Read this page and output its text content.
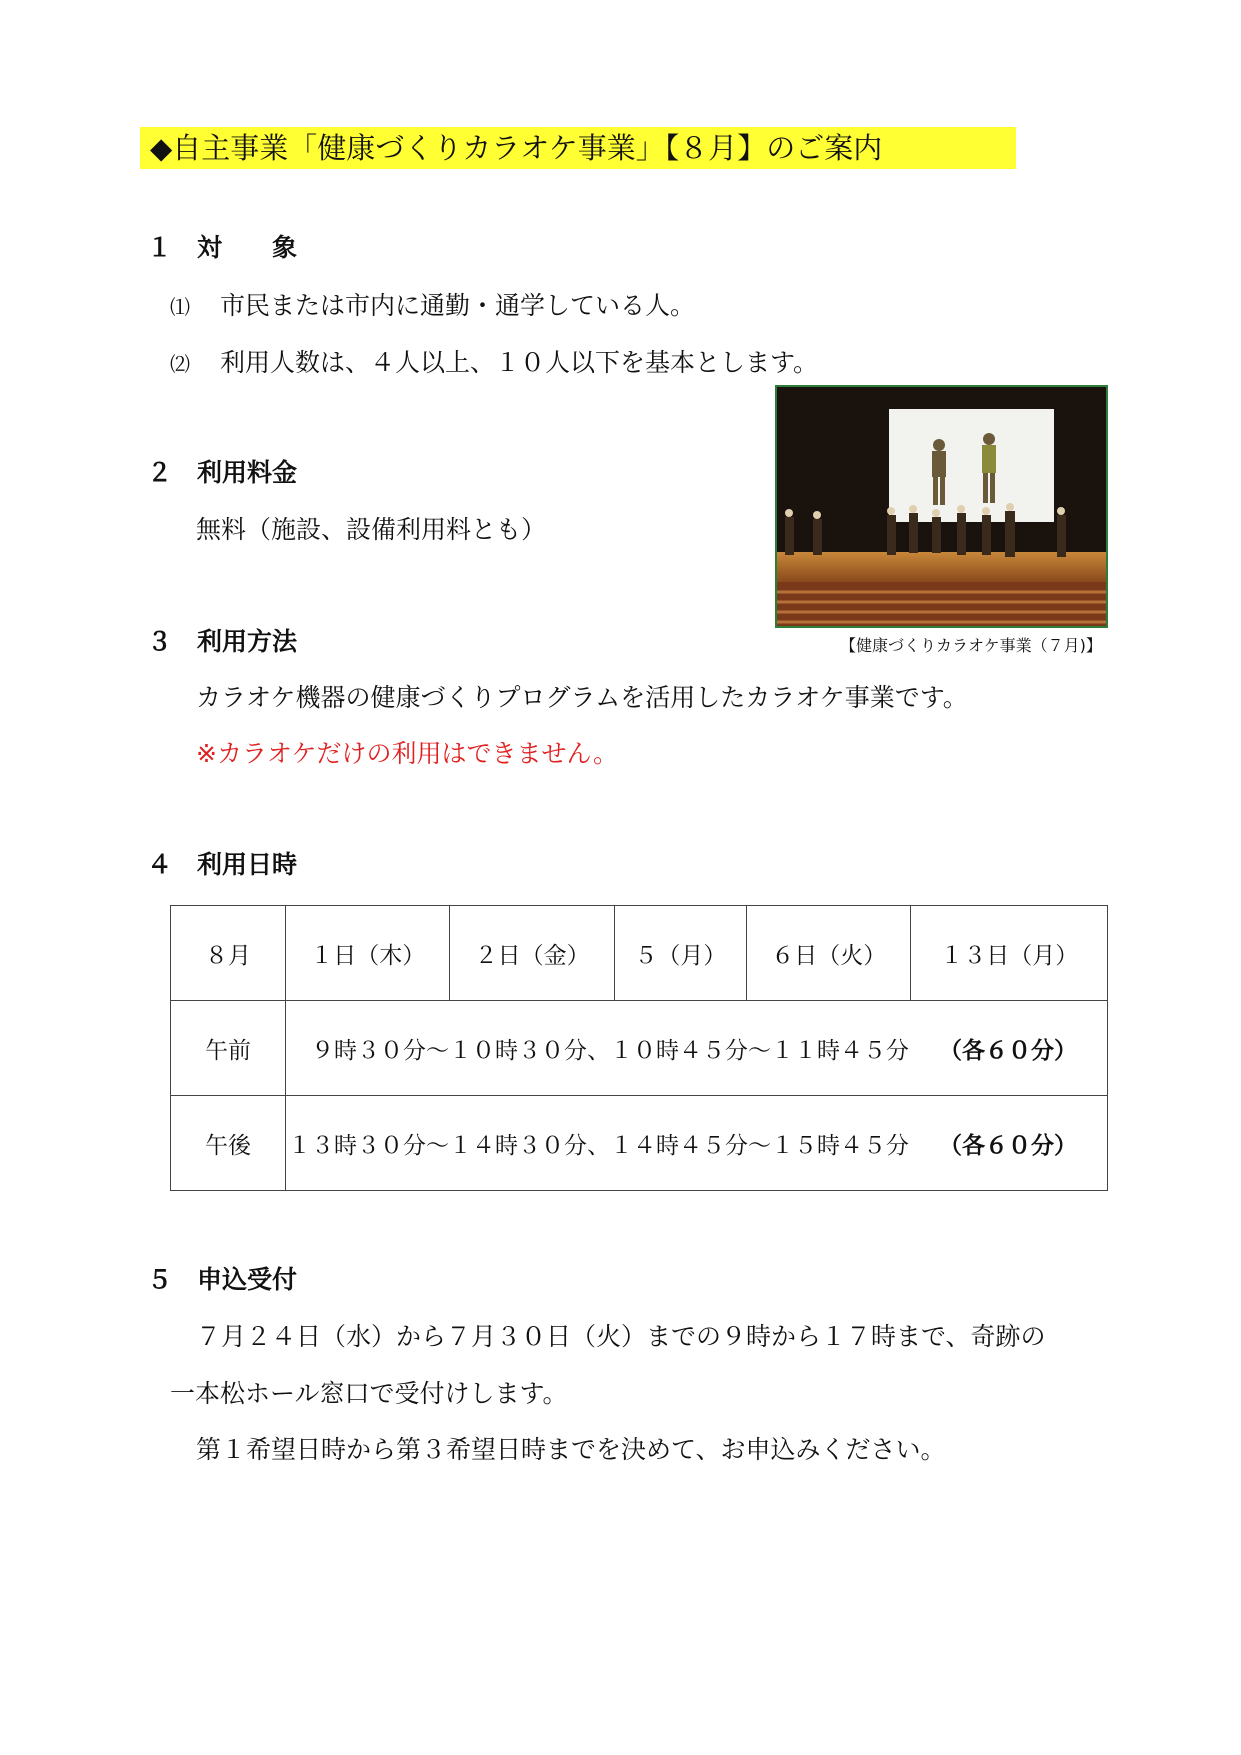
◆自主事業「健康づくりカラオケ事業」【８月】のご案内
１ 対　　象
⑴ 市民または市内に通勤・通学している人。
⑵ 利用人数は、４人以上、１０人以下を基本とします。
【健康づくりカラオケ事業（７月)】
２ 利用料金
無料（施設、設備利用料とも）
３ 利用方法
カラオケ機器の健康づくりプログラムを活用したカラオケ事業です。
※カラオケだけの利用はできません。
４ 利用日時
８月	１日（木）	２日（金）	５（月）	６日（火）	１３日（月）
午前	９時３０分～１０時３０分、１０時４５分～１１時４５分 （各６０分）				
午後	１３時３０分～１４時３０分、１４時４５分～１５時４５分 （各６０分）				
５ 申込受付
７月２４日（水）から７月３０日（火）までの９時から１７時まで、奇跡の
一本松ホール窓口で受付けします。
第１希望日時から第３希望日時までを決めて、お申込みください。
